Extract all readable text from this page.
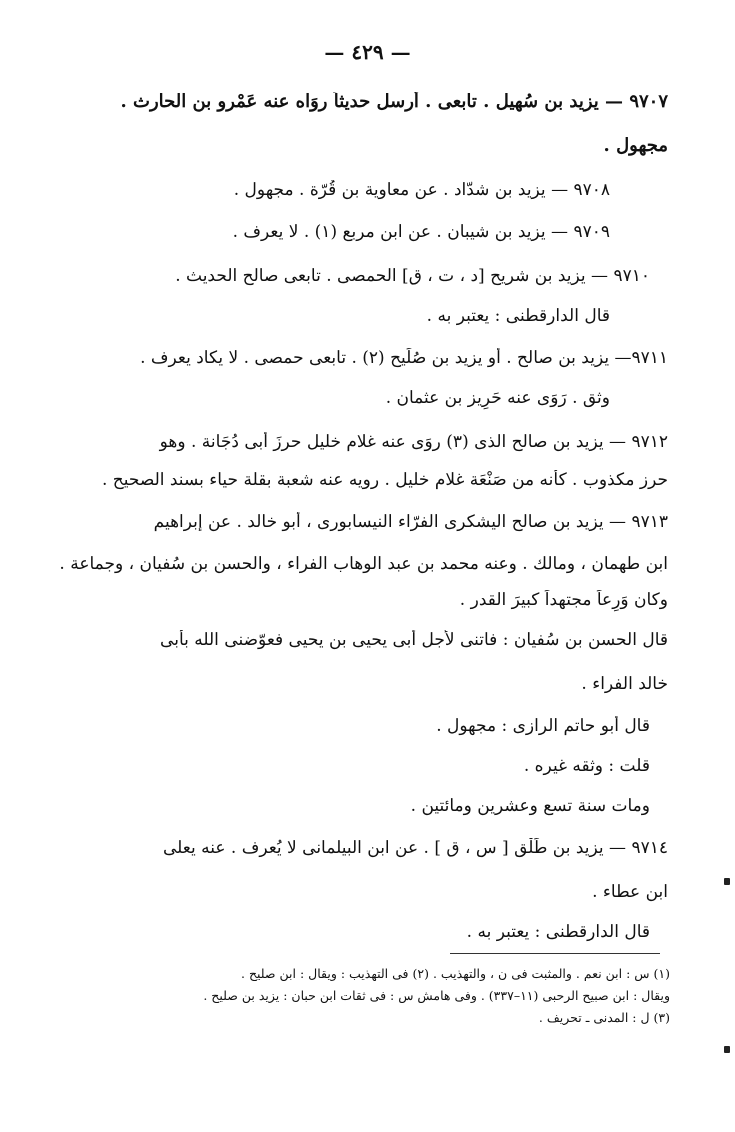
— ٤٢٩ —
٩٧٠٧ — يزيد بن سُهيل . تابعى . أرسل حديثاً روَاه عنه عَمْرو بن الحارث .
مجهول .
٩٧٠٨ — يزيد بن شدّاد . عن معاوية بن قُرّة . مجهول .
٩٧٠٩ — يزيد بن شيبان . عن ابن مربع (١) . لا يعرف .
٩٧١٠ — يزيد بن شريح [د ، ت ، ق] الحمصى . تابعى صالح الحديث .
قال الدارقطنى : يعتبر به .
٩٧١١— يزيد بن صالح . أو يزيد بن صُلَيح (٢) . تابعى حمصى . لا يكاد يعرف .
وثق . رَوَى عنه حَرِيز بن عثمان .
٩٧١٢ — يزيد بن صالح الذى (٣) روَى عنه غلام خليل حرزَ أبى دُجَانة . وهو
حرز مكذوب . كأنه من صَنْعَة غلام خليل . رويه عنه شعبة بقلة حياء بسند الصحيح .
٩٧١٣ — يزيد بن صالح اليشكرى الفرّاء النيسابورى ، أبو خالد . عن إبراهيم
ابن طهمان ، ومالك . وعنه محمد بن عبد الوهاب الفراء ، والحسن بن سُفيان ، وجماعة .
وكان وَرِعاً مجتهداً كبيرَ القدر .
قال الحسن بن سُفيان : فاتنى لأجل أبى يحيى بن يحيى فعوّضنى الله بأبى
خالد الفراء .
قال أبو حاتم الرازى : مجهول .
قلت : وثقه غيره .
ومات سنة تسع وعشرين ومائتين .
٩٧١٤ — يزيد بن طَلْق [ س ، ق ] . عن ابن البيلمانى لا يُعرف . عنه يعلى
ابن عطاء .
قال الدارقطنى : يعتبر به .
(١) س : ابن نعم . والمثبت فى ن ، والتهذيب . (٢) فى التهذيب : ويقال : ابن صليح .
ويقال : ابن صبيح الرحبى (١١–٣٣٧) . وفى هامش س : فى ثقات ابن حبان : يزيد بن صليح .
(٣) ل : المدنى ـ تحريف .
